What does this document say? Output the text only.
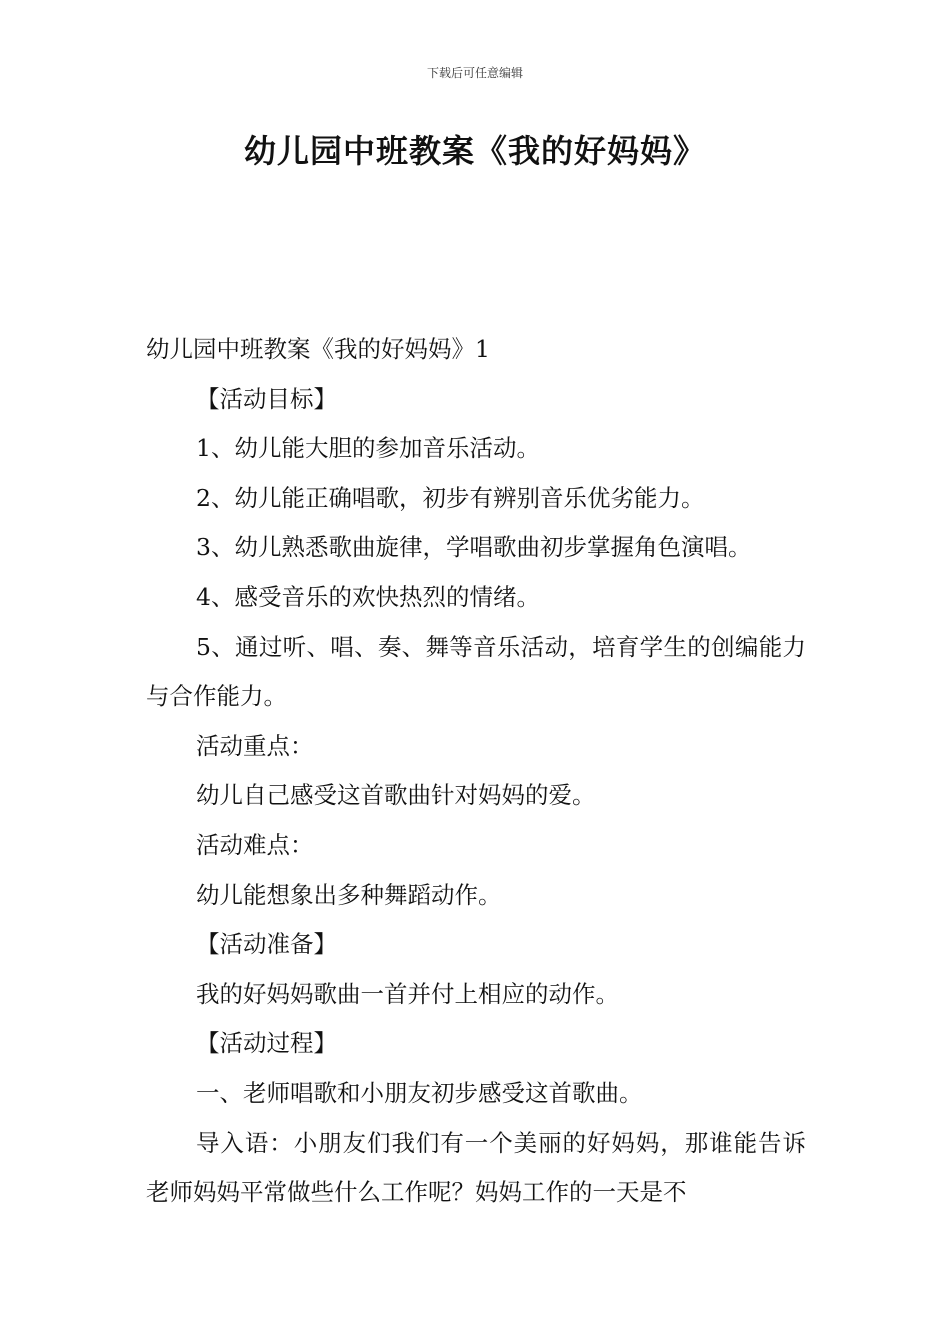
下载后可任意编辑
幼儿园中班教案《我的好妈妈》

幼儿园中班教案《我的好妈妈》1

【活动目标】

1、幼儿能大胆的参加音乐活动。

2、幼儿能正确唱歌，初步有辨别音乐优劣能力。

3、幼儿熟悉歌曲旋律，学唱歌曲初步掌握角色演唱。

4、感受音乐的欢快热烈的情绪。

5、通过听、唱、奏、舞等音乐活动，培育学生的创编能力与合作能力。

活动重点：

幼儿自己感受这首歌曲针对妈妈的爱。

活动难点：

幼儿能想象出多种舞蹈动作。

【活动准备】

我的好妈妈歌曲一首并付上相应的动作。

【活动过程】

一、老师唱歌和小朋友初步感受这首歌曲。

导入语：小朋友们我们有一个美丽的好妈妈，那谁能告诉老师妈妈平常做些什么工作呢？妈妈工作的一天是不
